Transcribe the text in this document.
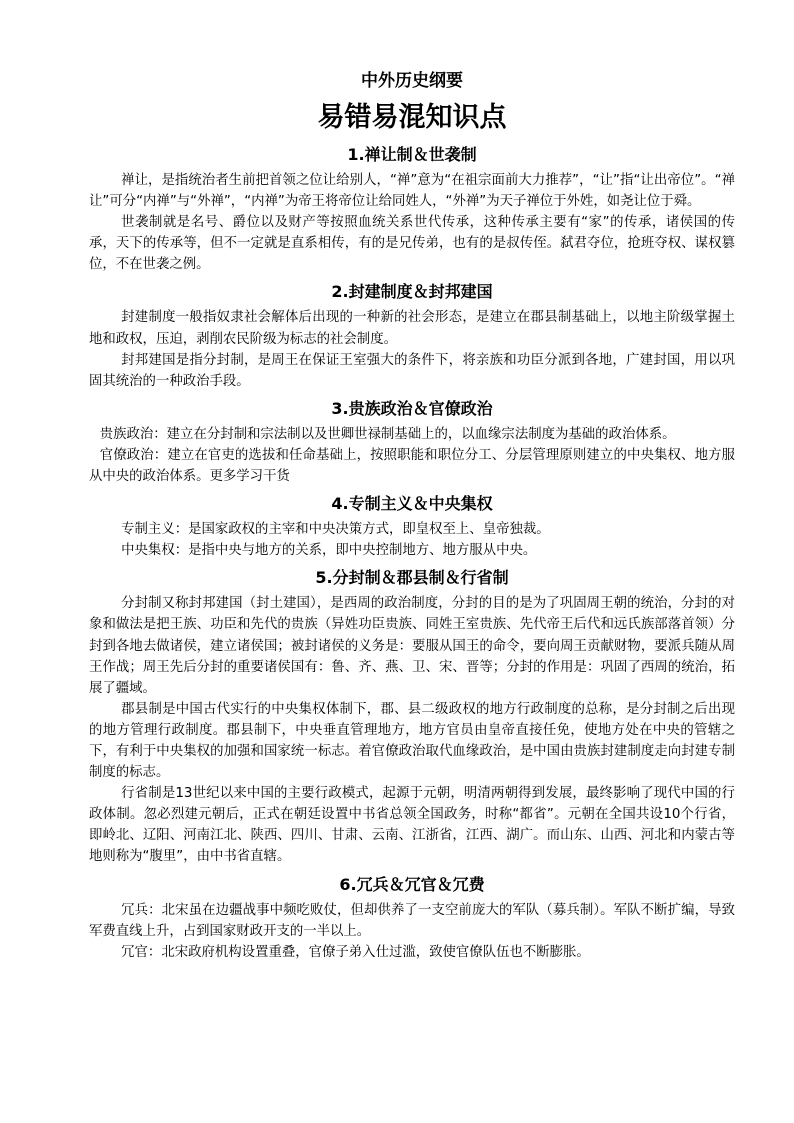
中外历史纲要
易错易混知识点
1.禅让制＆世袭制

禅让，是指统治者生前把首领之位让给别人，“禅”意为“在祖宗面前大力推荐”，“让”指“让出帝位”。“禅让”可分“内禅”与“外禅”，“内禅”为帝王将帝位让给同姓人，“外禅”为天子禅位于外姓，如尧让位于舜。

世袭制就是名号、爵位以及财产等按照血统关系世代传承，这种传承主要有“家”的传承，诸侯国的传承，天下的传承等，但不一定就是直系相传，有的是兄传弟，也有的是叔传侄。弑君夺位，抢班夺权、谋权篡位，不在世袭之例。

2.封建制度＆封邦建国

封建制度一般指奴隶社会解体后出现的一种新的社会形态，是建立在郡县制基础上，以地主阶级掌握土地和政权，压迫，剥削农民阶级为标志的社会制度。

封邦建国是指分封制，是周王在保证王室强大的条件下，将亲族和功臣分派到各地，广建封国，用以巩固其统治的一种政治手段。

3.贵族政治＆官僚政治

贵族政治：建立在分封制和宗法制以及世卿世禄制基础上的，以血缘宗法制度为基础的政治体系。

官僚政治：建立在官吏的选拔和任命基础上，按照职能和职位分工、分层管理原则建立的中央集权、地方服从中央的政治体系。更多学习干货

4.专制主义＆中央集权

专制主义：是国家政权的主宰和中央决策方式，即皇权至上、皇帝独裁。

中央集权：是指中央与地方的关系，即中央控制地方、地方服从中央。

5.分封制＆郡县制＆行省制

分封制又称封邦建国（封土建国），是西周的政治制度，分封的目的是为了巩固周王朝的统治，分封的对象和做法是把王族、功臣和先代的贵族（异姓功臣贵族、同姓王室贵族、先代帝王后代和远氏族部落首领）分封到各地去做诸侯，建立诸侯国；被封诸侯的义务是：要服从国王的命令，要向周王贡献财物，要派兵随从周王作战；周王先后分封的重要诸侯国有：鲁、齐、燕、卫、宋、晋等；分封的作用是：巩固了西周的统治，拓展了疆域。

郡县制是中国古代实行的中央集权体制下，郡、县二级政权的地方行政制度的总称，是分封制之后出现的地方管理行政制度。郡县制下，中央垂直管理地方，地方官员由皇帝直接任免，使地方处在中央的管辖之下，有利于中央集权的加强和国家统一标志。着官僚政治取代血缘政治，是中国由贵族封建制度走向封建专制制度的标志。

行省制是13世纪以来中国的主要行政模式，起源于元朝，明清两朝得到发展，最终影响了现代中国的行政体制。忽必烈建元朝后，正式在朝廷设置中书省总领全国政务，时称“都省”。元朝在全国共设10个行省，即岭北、辽阳、河南江北、陕西、四川、甘肃、云南、江浙省，江西、湖广。而山东、山西、河北和内蒙古等地则称为“腹里”，由中书省直辖。

6.冗兵＆冗官＆冗费

冗兵：北宋虽在边疆战事中频吃败仗，但却供养了一支空前庞大的军队（募兵制）。军队不断扩编，导致军费直线上升，占到国家财政开支的一半以上。

冗官：北宋政府机构设置重叠，官僚子弟入仕过滥，致使官僚队伍也不断膨胀。
